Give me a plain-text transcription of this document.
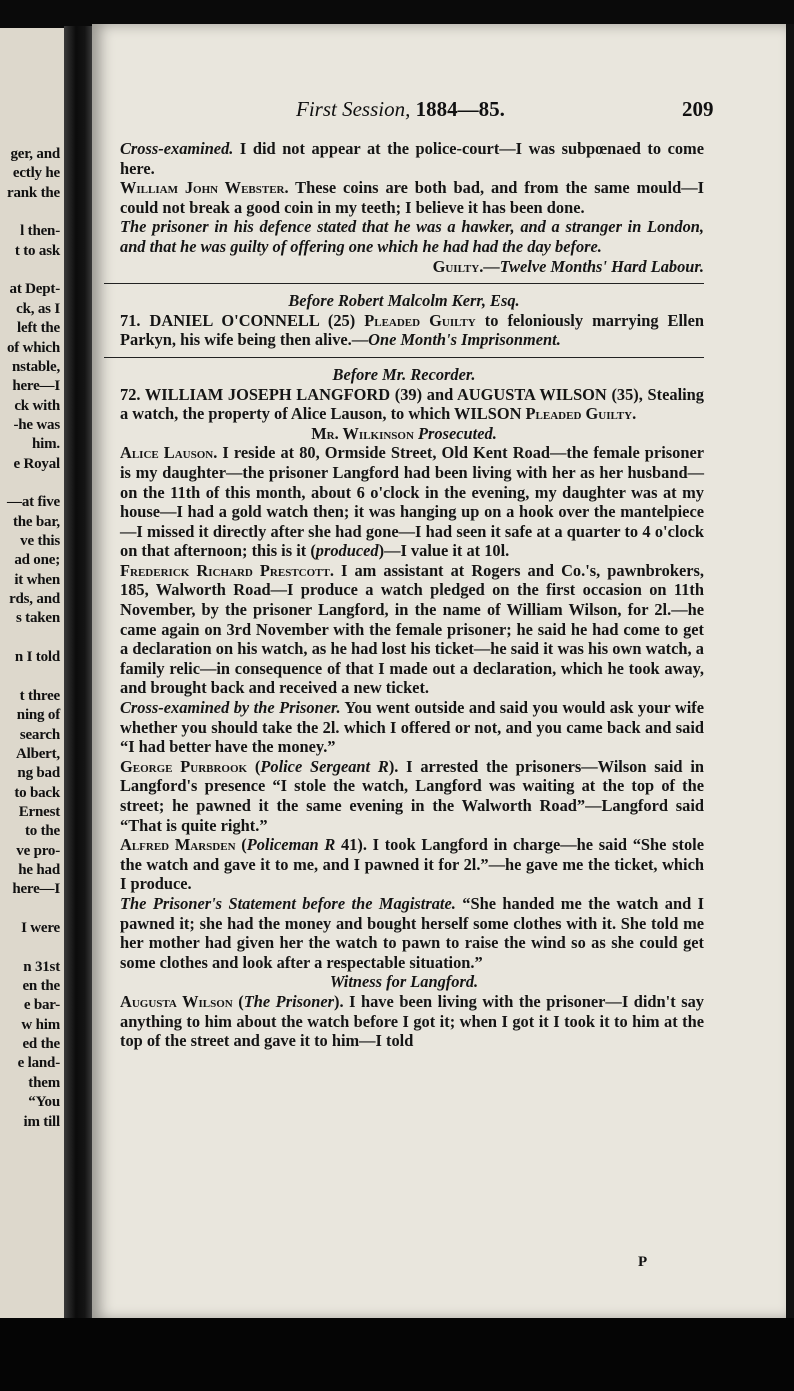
ger, and
ectly he
rank the
l then-
t to ask
at Dept-
ck, as I
left the
of which
nstable,
here—I
ck with
-he was
him.
e Royal
—at five
the bar,
ve this
ad one;
it when
rds, and
s taken
n I told
t three
ning of
search
Albert,
ng bad
to back
Ernest
to the
ve pro-
he had
here—I
I were
n 31st
en the
e bar-
w him
ed the
e land-
them
“You
im till
First Session, 1884—85.	209

Cross-examined. I did not appear at the police-court—I was subpœnaed to come here.

William John Webster. These coins are both bad, and from the same mould—I could not break a good coin in my teeth; I believe it has been done.

The prisoner in his defence stated that he was a hawker, and a stranger in London, and that he was guilty of offering one which he had had the day before.

Guilty.—Twelve Months' Hard Labour.

Before Robert Malcolm Kerr, Esq.

71. DANIEL O'CONNELL (25) Pleaded Guilty to feloniously marrying Ellen Parkyn, his wife being then alive.—One Month's Imprisonment.

Before Mr. Recorder.

72. WILLIAM JOSEPH LANGFORD (39) and AUGUSTA WILSON (35), Stealing a watch, the property of Alice Lauson, to which WILSON Pleaded Guilty.

Mr. Wilkinson Prosecuted.

Alice Lauson. I reside at 80, Ormside Street, Old Kent Road—the female prisoner is my daughter—the prisoner Langford had been living with her as her husband—on the 11th of this month, about 6 o'clock in the evening, my daughter was at my house—I had a gold watch then; it was hanging up on a hook over the mantelpiece—I missed it directly after she had gone—I had seen it safe at a quarter to 4 o'clock on that afternoon; this is it (produced)—I value it at 10l.

Frederick Richard Prestcott. I am assistant at Rogers and Co.'s, pawnbrokers, 185, Walworth Road—I produce a watch pledged on the first occasion on 11th November, by the prisoner Langford, in the name of William Wilson, for 2l.—he came again on 3rd November with the female prisoner; he said he had come to get a declaration on his watch, as he had lost his ticket—he said it was his own watch, a family relic—in consequence of that I made out a declaration, which he took away, and brought back and received a new ticket.

Cross-examined by the Prisoner. You went outside and said you would ask your wife whether you should take the 2l. which I offered or not, and you came back and said “I had better have the money.”

George Purbrook (Police Sergeant R). I arrested the prisoners—Wilson said in Langford's presence “I stole the watch, Langford was waiting at the top of the street; he pawned it the same evening in the Walworth Road”—Langford said “That is quite right.”

Alfred Marsden (Policeman R 41). I took Langford in charge—he said “She stole the watch and gave it to me, and I pawned it for 2l.”—he gave me the ticket, which I produce.

The Prisoner's Statement before the Magistrate. “She handed me the watch and I pawned it; she had the money and bought herself some clothes with it. She told me her mother had given her the watch to pawn to raise the wind so as she could get some clothes and look after a respectable situation.”

Witness for Langford.

Augusta Wilson (The Prisoner). I have been living with the prisoner—I didn't say anything to him about the watch before I got it; when I got it I took it to him at the top of the street and gave it to him—I told

P
